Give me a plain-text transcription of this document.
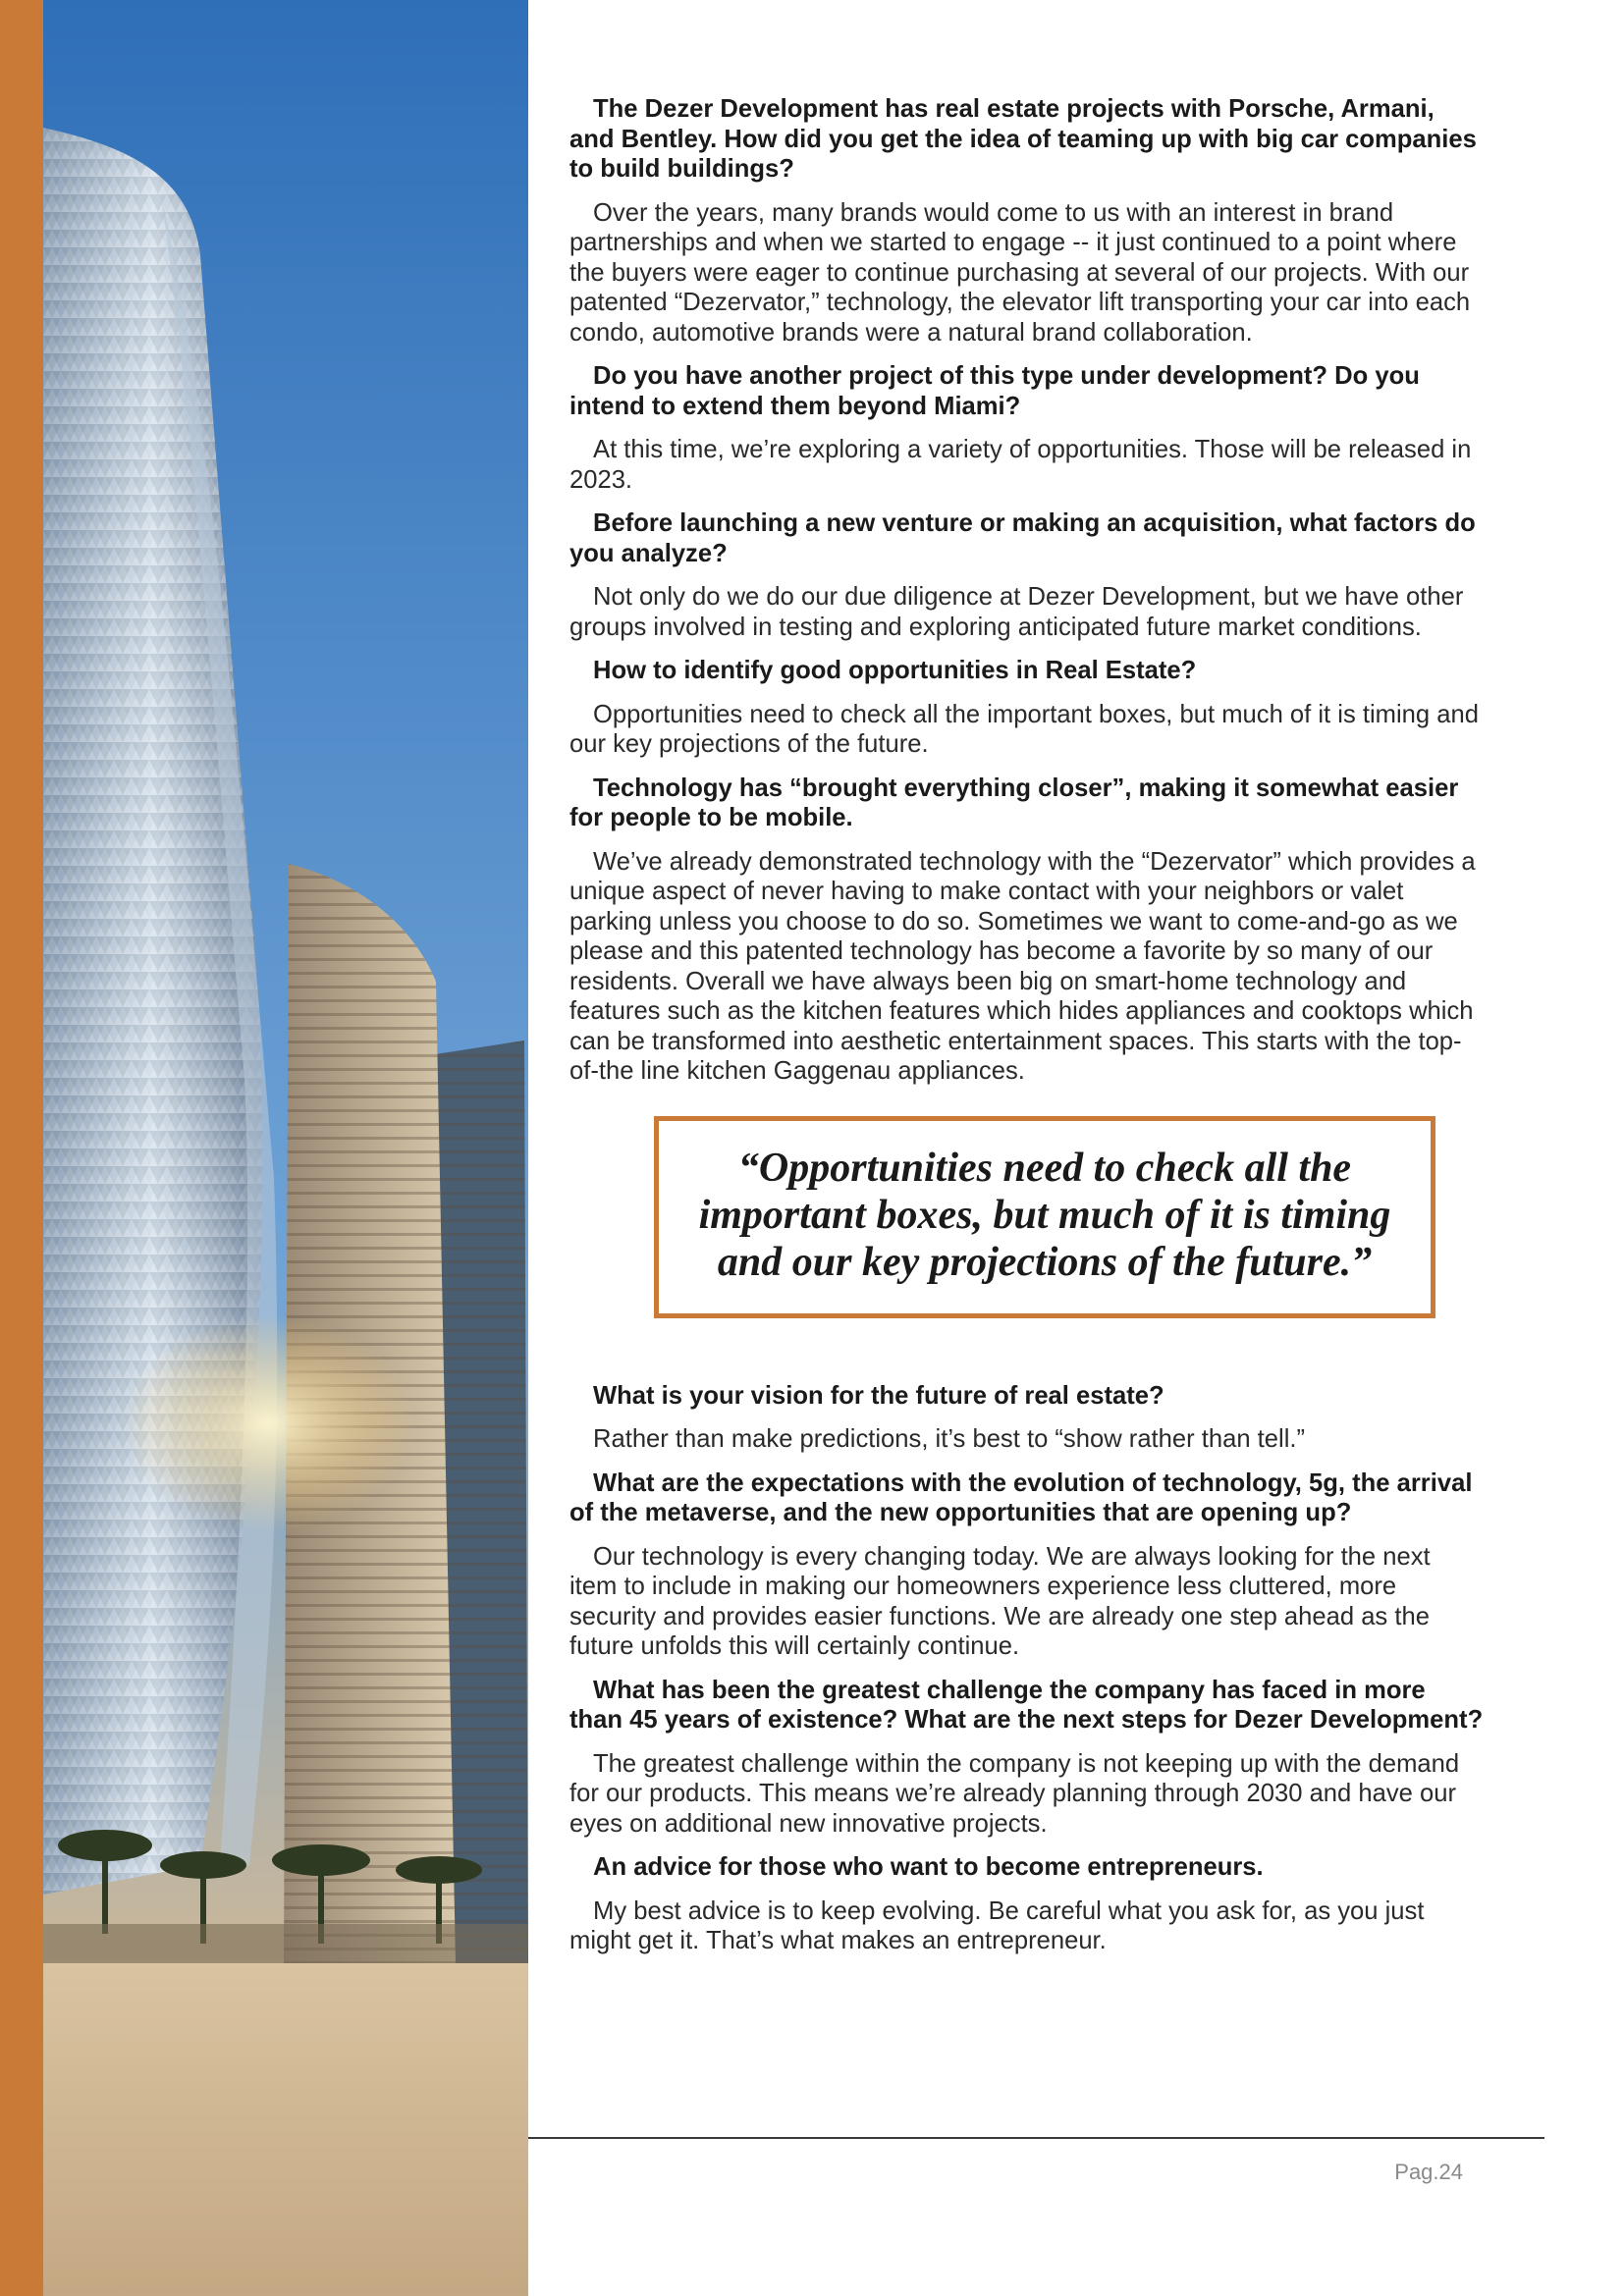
The Dezer Development has real estate projects with Porsche, Armani, and Bentley. How did you get the idea of teaming up with big car companies to build buildings?

Over the years, many brands would come to us with an interest in brand partnerships and when we started to engage -- it just continued to a point where the buyers were eager to continue purchasing at several of our projects. With our patented “Dezervator,” technology, the elevator lift transporting your car into each condo, automotive brands were a natural brand collaboration.

Do you have another project of this type under development? Do you intend to extend them beyond Miami?

At this time, we’re exploring a variety of opportunities. Those will be released in 2023.

Before launching a new venture or making an acquisition, what factors do you analyze?

Not only do we do our due diligence at Dezer Development, but we have other groups involved in testing and exploring anticipated future market conditions.

How to identify good opportunities in Real Estate?

Opportunities need to check all the important boxes, but much of it is timing and our key projections of the future.

Technology has “brought everything closer”, making it somewhat easier for people to be mobile.

We’ve already demonstrated technology with the “Dezervator” which provides a unique aspect of never having to make contact with your neighbors or valet parking unless you choose to do so. Sometimes we want to come-and-go as we please and this patented technology has become a favorite by so many of our residents. Overall we have always been big on smart-home technology and features such as the kitchen features which hides appliances and cooktops which can be transformed into aesthetic entertainment spaces. This starts with the top-of-the line kitchen Gaggenau appliances.

“Opportunities need to check all the important boxes, but much of it is timing and our key projections of the future.”

What is your vision for the future of real estate?

Rather than make predictions, it’s best to “show rather than tell.”

What are the expectations with the evolution of technology, 5g, the arrival of the metaverse, and the new opportunities that are opening up?

Our technology is every changing today. We are always looking for the next item to include in making our homeowners experience less cluttered, more security and provides easier functions. We are already one step ahead as the future unfolds this will certainly continue.

What has been the greatest challenge the company has faced in more than 45 years of existence? What are the next steps for Dezer Development?

The greatest challenge within the company is not keeping up with the demand for our products. This means we’re already planning through 2030 and have our eyes on additional new innovative projects.

An advice for those who want to become entrepreneurs.

My best advice is to keep evolving. Be careful what you ask for, as you just might get it. That’s what makes an entrepreneur.

Pag.24
